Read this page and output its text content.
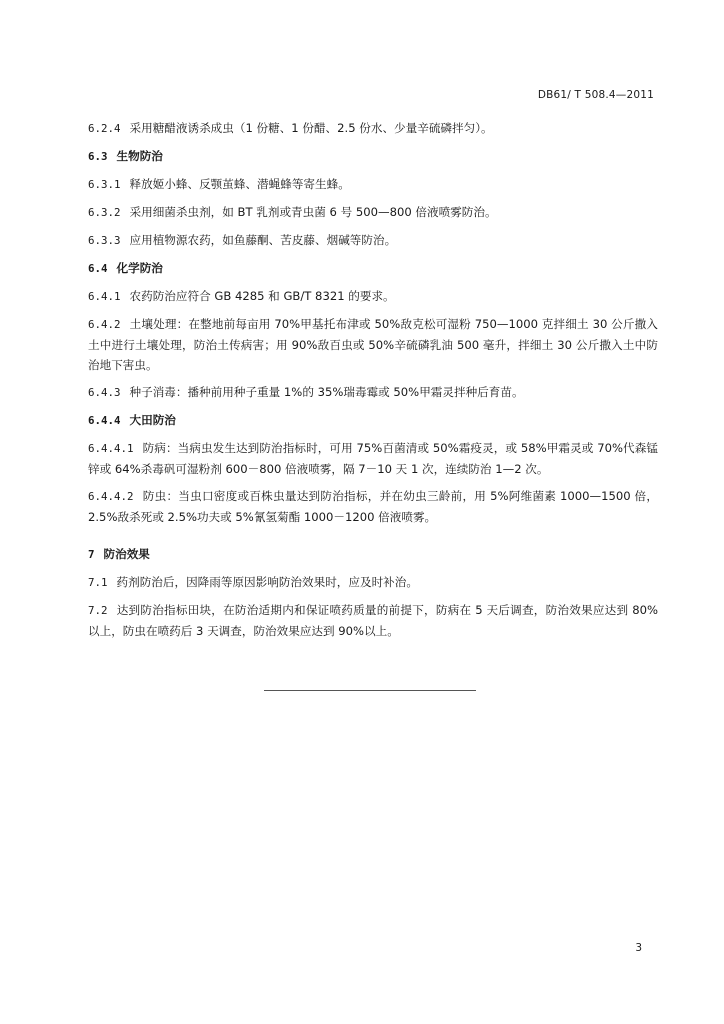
DB61/ T 508.4—2011

6.2.4 采用糖醋液诱杀成虫（1 份糖、1 份醋、2.5 份水、少量辛硫磷拌匀）。

6.3 生物防治

6.3.1 释放姬小蜂、反颚茧蜂、潜蝇蜂等寄生蜂。

6.3.2 采用细菌杀虫剂，如 BT 乳剂或青虫菌 6 号 500—800 倍液喷雾防治。

6.3.3 应用植物源农药，如鱼藤酮、苦皮藤、烟碱等防治。

6.4 化学防治

6.4.1 农药防治应符合 GB 4285 和 GB/T 8321 的要求。

6.4.2 土壤处理：在整地前每亩用 70%甲基托布津或 50%敌克松可湿粉 750—1000 克拌细土 30 公斤撒入土中进行土壤处理，防治土传病害；用 90%敌百虫或 50%辛硫磷乳油 500 毫升，拌细土 30 公斤撒入土中防治地下害虫。

6.4.3 种子消毒：播种前用种子重量 1%的 35%瑞毒霉或 50%甲霜灵拌种后育苗。

6.4.4 大田防治

6.4.4.1 防病：当病虫发生达到防治指标时，可用 75%百菌清或 50%霜疫灵，或 58%甲霜灵或 70%代森锰锌或 64%杀毒矾可湿粉剂 600－800 倍液喷雾，隔 7－10 天 1 次，连续防治 1—2 次。

6.4.4.2 防虫：当虫口密度或百株虫量达到防治指标，并在幼虫三龄前，用 5%阿维菌素 1000—1500 倍，2.5%敌杀死或 2.5%功夫或 5%氰氢菊酯 1000－1200 倍液喷雾。

7 防治效果

7.1 药剂防治后，因降雨等原因影响防治效果时，应及时补治。

7.2 达到防治指标田块，在防治适期内和保证喷药质量的前提下，防病在 5 天后调查，防治效果应达到 80%以上，防虫在喷药后 3 天调查，防治效果应达到 90%以上。

3
